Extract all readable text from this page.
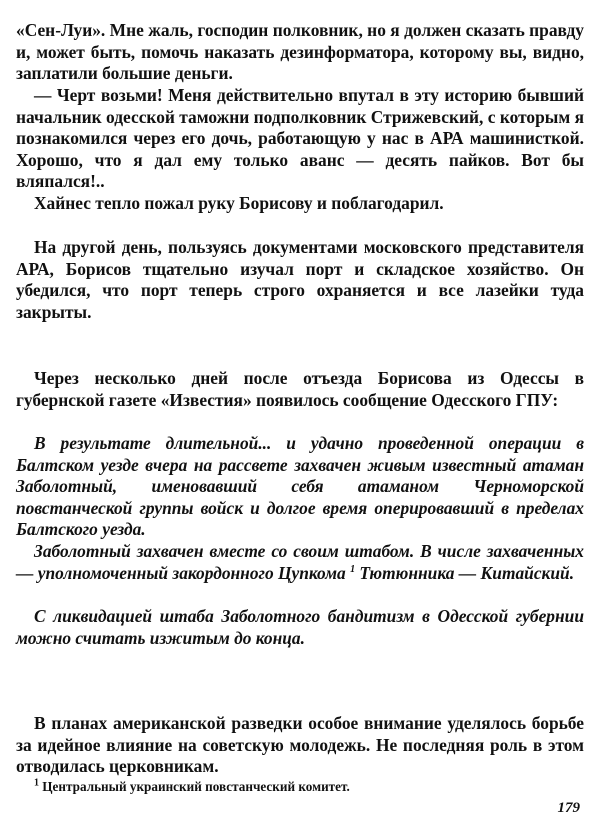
«Сен-Луи». Мне жаль, господин полковник, но я должен сказать правду и, может быть, помочь наказать дезинформатора, которому вы, видно, заплатили большие деньги.

— Черт возьми! Меня действительно впутал в эту историю бывший начальник одесской таможни подполковник Стрижевский, с которым я познакомился через его дочь, работающую у нас в АРА машинисткой. Хорошо, что я дал ему только аванс — десять пайков. Вот бы вляпался!..

Хайнес тепло пожал руку Борисову и поблагодарил.

На другой день, пользуясь документами московского представителя АРА, Борисов тщательно изучал порт и складское хозяйство. Он убедился, что порт теперь строго охраняется и все лазейки туда закрыты.

Через несколько дней после отъезда Борисова из Одессы в губернской газете «Известия» появилось сообщение Одесского ГПУ:

В результате длительной... и удачно проведенной операции в Балтском уезде вчера на рассвете захвачен живым известный атаман Заболотный, именовавший себя атаманом Черноморской повстанческой группы войск и долгое время оперировавший в пределах Балтского уезда.

Заболотный захвачен вместе со своим штабом. В числе захваченных — уполномоченный закордонного Цупкома $^1$ Тютюнника — Китайский.

С ликвидацией штаба Заболотного бандитизм в Одесской губернии можно считать изжитым до конца.

В планах американской разведки особое внимание уделялось борьбе за идейное влияние на советскую молодежь. Не последняя роль в этом отводилась церковникам.

$^1$ Центральный украинский повстанческий комитет.

179
